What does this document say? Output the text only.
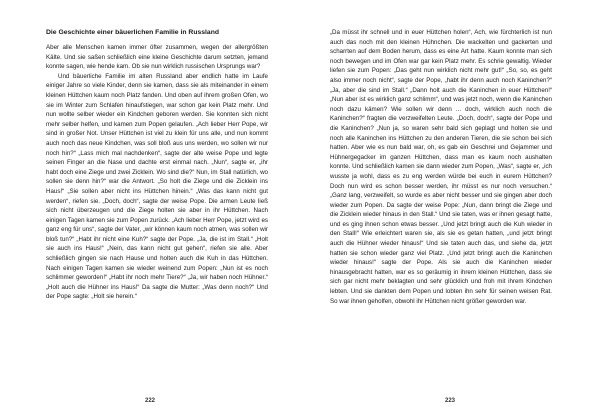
Die Geschichte einer bäuerlichen Familie in Russland

Aber alle Menschen kamen immer öfter zusammen, wegen der allergrößten Kälte. Und sie saßen schließlich eine kleine Geschichte darum setzten, jemand konnte sagen, wie hende kam. Ob sie nun wirklich russischen Ursprungs war?

Und bäuerliche Familie im alten Russland aber endlich hatte im Laufe einiger Jahre so viele Kinder, denn sie kamen, dass sie als miteinander in einem kleinen Hüttchen kaum noch Platz fanden. Und oben auf ihrem großen Ofen, wo sie im Winter zum Schlafen hinaufstiegen, war schon gar kein Platz mehr. Und nun wollte selber wieder ein Kindchen geboren werden. Sie konnten sich nicht mehr selber helfen, und kamen zum Popen gelaufen. „Ach lieber Herr Pope, wir sind in großer Not. Unser Hüttchen ist viel zu klein für uns alle, und nun kommt auch noch das neue Kindchen, was soll bloß aus uns werden, wo sollen wir nur noch hin?“ „Lass mich mal nachdenken“, sagte der alte weise Pope und legte seinen Finger an die Nase und dachte erst einmal nach. „Nun“, sagte er, „ihr habt doch eine Ziege und zwei Zicklein. Wo sind die?“ Nun, im Stall natürlich, wo sollen sie denn hin?“ war die Antwort. „So holt die Ziege und die Zicklein ins Haus!“ „Sie sollen aber nicht ins Hüttchen hinein.“ „Was das kann nicht gut werden“, riefen sie. „Doch, doch“, sagte der weise Pope. Die armen Leute ließ sich nicht überzeugen und die Ziege holten sie aber in ihr Hüttchen. Nach einigen Tagen kamen sie zum Popen zurück. „Ach lieber Herr Pope, jetzt wird es ganz eng für uns“, sagte der Vater, „wir können kaum noch atmen, was sollen wir bloß tun?“ „Habt ihr nicht eine Kuh?“ sagte der Pope. „Ja, die ist im Stall.“ „Holt sie auch ins Haus!“ „Nein, das kann nicht gut gehen“, riefen sie alle. Aber schließlich gingen sie nach Hause und holten auch die Kuh in das Hüttchen. Nach einigen Tagen kamen sie wieder weinend zum Popen: „Nun ist es noch schlimmer geworden!“ „Habt ihr noch mehr Tiere?“ „Ja, wir haben noch Hühner.“ „Holt auch die Hühner ins Haus!“ Da sagte die Mutter: „Was denn noch?“ Und der Pope sagte: „Holt sie herein.“

222

„Da müsst ihr schnell und in euer Hüttchen holen“, Ach, wie fürchterlich ist nun auch das noch mit den kleinen Hühnchen. Die wackelten und gackerten und scharrten auf dem Boden herum, dass es eine Art hatte. Kaum konnte man sich noch bewegen und im Ofen war gar kein Platz mehr. Es schrie gewaltig. Wieder liefen sie zum Popen: „Das geht nun wirklich nicht mehr gut!“ „So, so, es geht also immer noch nicht“, sagte der Pope, „habt ihr denn auch noch Kaninchen?“ „Ja, aber die sind im Stall.“ „Dann holt auch die Kaninchen in euer Hüttchen!“ „Nun aber ist es wirklich ganz schlimm“, und was jetzt noch, wenn die Kaninchen noch dazu kämen? Wie sollen wir denn ... doch, wirklich auch noch die Kaninchen?“ fragten die verzweifelten Leute. „Doch, doch“, sagte der Pope und die Kaninchen? „Nun ja, so waren sehr bald sich geplagt und holten sie und noch alle Kaninchen ins Hüttchen zu den anderen Tieren, die sie schon bei sich hatten. Aber wie es nun bald war, oh, es gab ein Geschrei und Gejammer und Hühnergegacker im ganzen Hüttchen, dass man es kaum noch aushalten konnte. Und schließlich kamen sie dann wieder zum Popen, „Was“, sagte er, „ich wusste ja wohl, dass es zu eng werden würde bei euch in eurem Hüttchen? Doch nun wird es schon besser werden, ihr müsst es nur noch versuchen.“ „Ganz lang, verzweifelt, so wurde es aber nicht besser und sie gingen aber doch wieder zum Popen. Da sagte der weise Pope: „Nun, dann bringt die Ziege und die Zicklein wieder hinaus in den Stall.“ Und sie taten, was er ihnen gesagt hatte, und es ging ihnen schon etwas besser. „Und jetzt bringt auch die Kuh wieder in den Stall!“ Wie erleichtert waren sie, als sie es getan hatten, „und jetzt bringt auch die Hühner wieder hinaus!“ Und sie taten auch das, und siehe da, jetzt hatten sie schon wieder ganz viel Platz. „Und jetzt bringt auch die Kaninchen wieder hinaus!“ sagte der Pope. Als sie auch die Kaninchen wieder hinausgebracht hatten, war es so geräumig in ihrem kleinen Hüttchen, dass sie sich gar nicht mehr beklagten und sehr glücklich und froh mit ihrem Kindchen lebten. Und sie dankten dem Popen und lobten ihn sehr für seinen weisen Rat. So war ihnen geholfen, obwohl ihr Hüttchen nicht größer geworden war.

223
